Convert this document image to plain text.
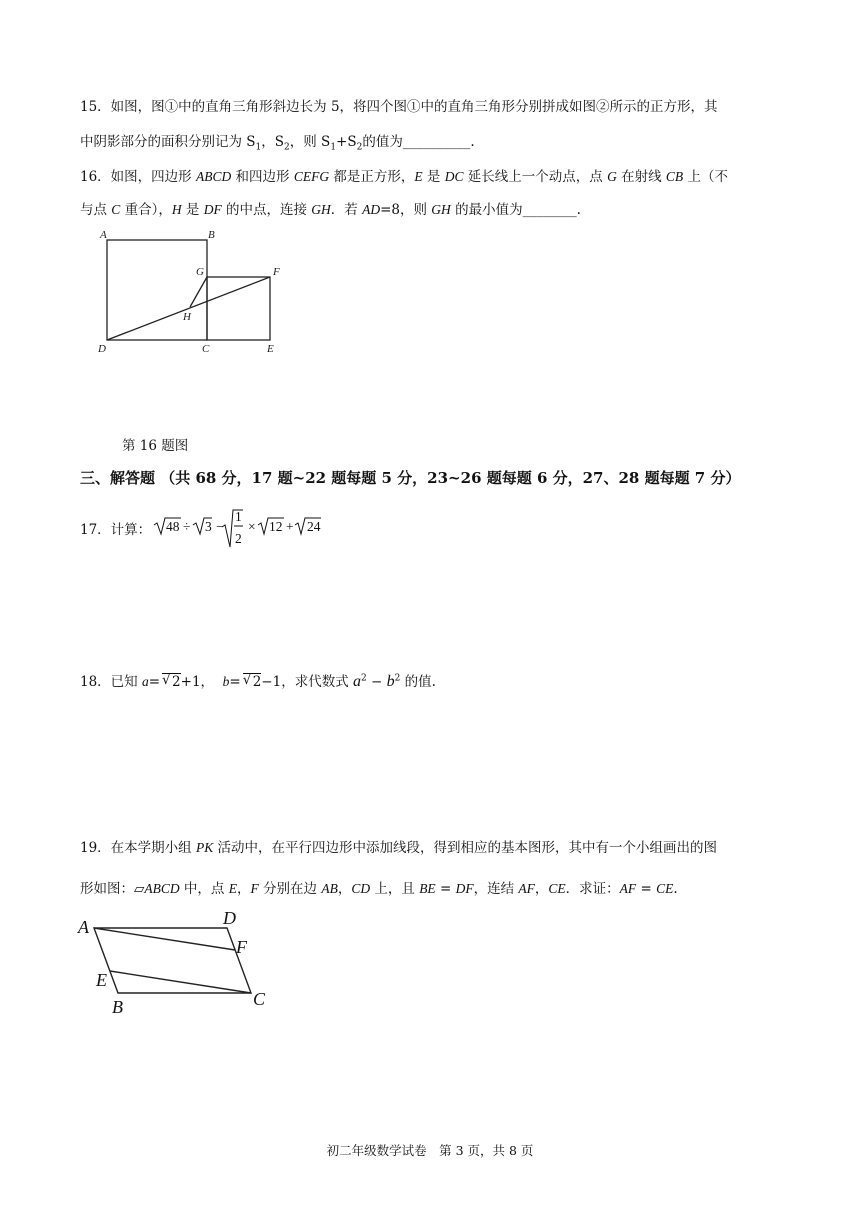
15．如图，图①中的直角三角形斜边长为 5，将四个图①中的直角三角形分别拼成如图②所示的正方形，其
中阴影部分的面积分别记为 $S_1$，$S_2$，则 $S_1+S_2$的值为__________.
16．如图，四边形 ABCD 和四边形 CEFG 都是正方形，E 是 DC 延长线上一个动点，点 G 在射线 CB 上（不
与点 C 重合），H 是 DF 的中点，连接 GH．若 AD=8，则 GH 的最小值为________.
A	B
G	F
H
D	C	E
第 16 题图
三、解答题 （共 68 分，17 题~22 题每题 5 分，23~26 题每题 6 分，27、28 题每题 7 分）
17．计算： 48 ÷ 3 −
1
2
× 12 + 24
18．已知 a= √ 2+1， b= √ 2−1，求代数式 $a^2 - b^2$ 的值.
19．在本学期小组 PK 活动中，在平行四边形中添加线段，得到相应的基本图形，其中有一个小组画出的图
形如图：▱ABCD 中，点 E，F 分别在边 AB，CD 上，且 BE = DF，连结 AF，CE．求证：AF = CE.
A	D
F
E
B	C
初二年级数学试卷　第 3 页，共 8 页
